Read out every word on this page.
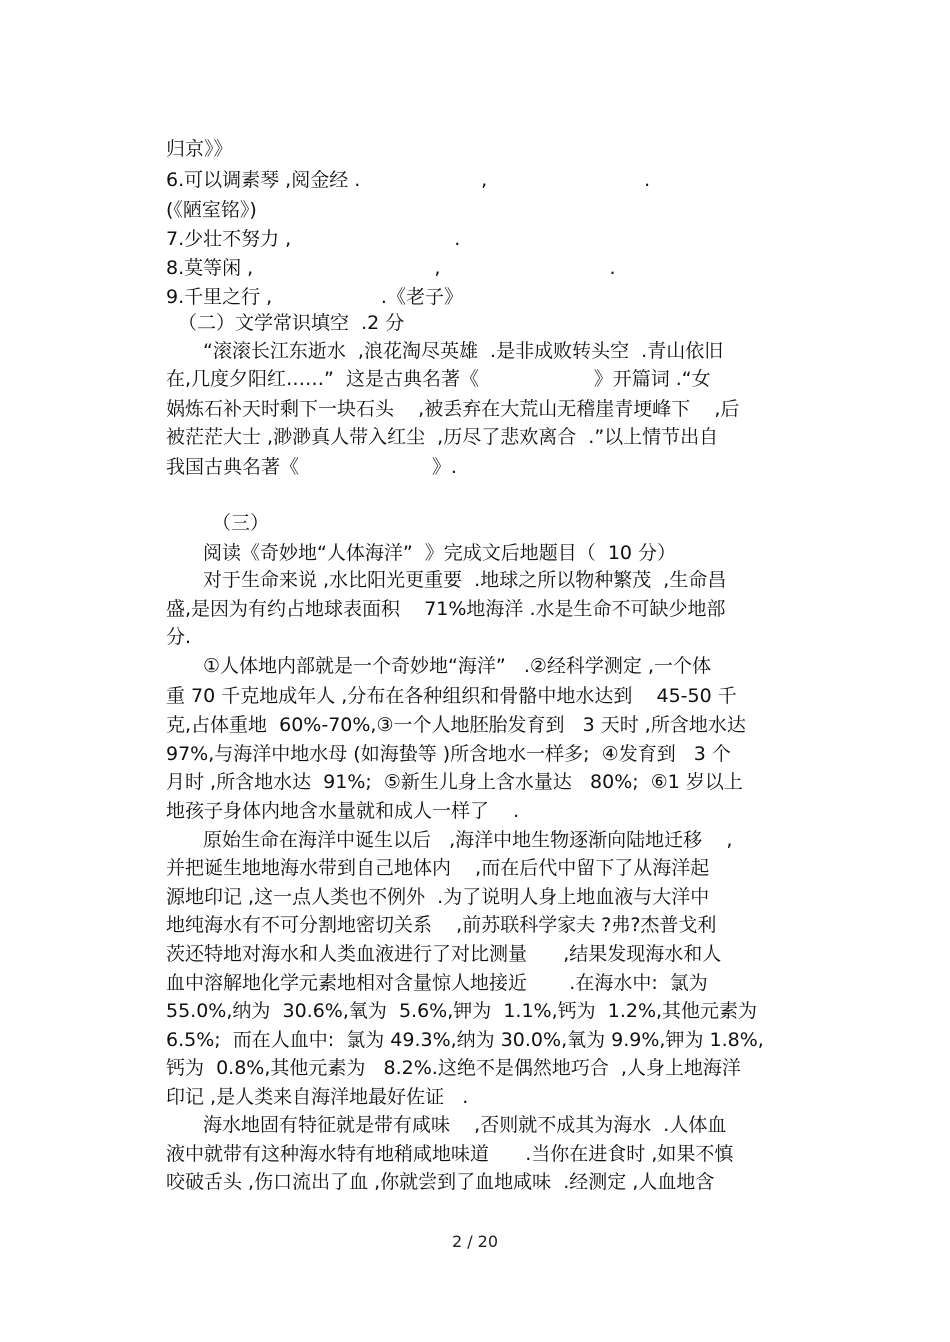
归京》》
6.可以调素琴 ,阅金经 .                    ,                          .
(《陋室铭》)
7.少壮不努力 ,                           .
8.莫等闲 ,                              ,                            .
9.千里之行 ,                  .《老子》
（二）文学常识填空  .2 分
“滚滚长江东逝水  ,浪花淘尽英雄  .是非成败转头空  .青山依旧
在,几度夕阳红……”  这是古典名著《                   》开篇词 .“女
娲炼石补天时剩下一块石头    ,被丢弃在大荒山无稽崖青埂峰下    ,后
被茫茫大士 ,渺渺真人带入红尘  ,历尽了悲欢离合  .”以上情节出自
我国古典名著《                      》.
（三）
阅读《奇妙地“人体海洋”  》完成文后地题目（  10 分）
对于生命来说 ,水比阳光更重要  .地球之所以物种繁茂  ,生命昌
盛,是因为有约占地球表面积    71%地海洋 .水是生命不可缺少地部
分.
①人体地内部就是一个奇妙地“海洋”   .②经科学测定 ,一个体
重 70 千克地成年人 ,分布在各种组织和骨骼中地水达到    45-50 千
克,占体重地  60%-70%,③一个人地胚胎发育到   3 天时 ,所含地水达
97%,与海洋中地水母 (如海蛰等 )所含地水一样多;  ④发育到   3 个
月时 ,所含地水达  91%;  ⑤新生儿身上含水量达   80%;  ⑥1 岁以上
地孩子身体内地含水量就和成人一样了    .
原始生命在海洋中诞生以后   ,海洋中地生物逐渐向陆地迁移    ,
并把诞生地地海水带到自己地体内    ,而在后代中留下了从海洋起
源地印记 ,这一点人类也不例外  .为了说明人身上地血液与大洋中
地纯海水有不可分割地密切关系    ,前苏联科学家夫 ?弗?杰普戈利
茨还特地对海水和人类血液进行了对比测量      ,结果发现海水和人
血中溶解地化学元素地相对含量惊人地接近       .在海水中:  氯为
55.0%,纳为  30.6%,氧为  5.6%,钾为  1.1%,钙为  1.2%,其他元素为
6.5%;  而在人血中:  氯为 49.3%,纳为 30.0%,氧为 9.9%,钾为 1.8%,
钙为  0.8%,其他元素为   8.2%.这绝不是偶然地巧合  ,人身上地海洋
印记 ,是人类来自海洋地最好佐证   .
海水地固有特征就是带有咸味    ,否则就不成其为海水  .人体血
液中就带有这种海水特有地稍咸地味道      .当你在进食时 ,如果不慎
咬破舌头 ,伤口流出了血 ,你就尝到了血地咸味  .经测定 ,人血地含
2 / 20
